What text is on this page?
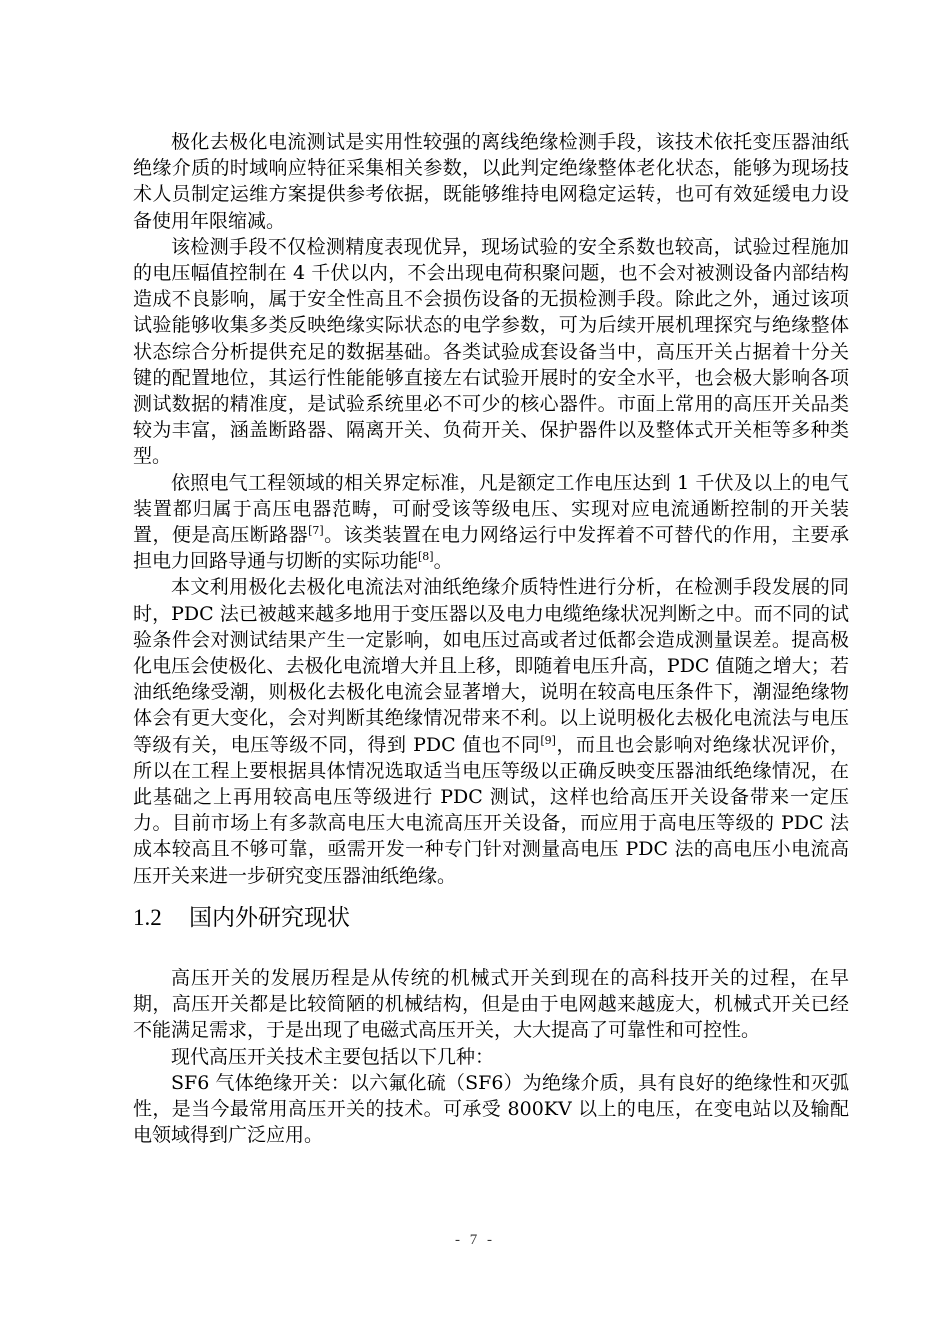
极化去极化电流测试是实用性较强的离线绝缘检测手段，该技术依托变压器油纸绝缘介质的时域响应特征采集相关参数，以此判定绝缘整体老化状态，能够为现场技术人员制定运维方案提供参考依据，既能够维持电网稳定运转，也可有效延缓电力设备使用年限缩减。

该检测手段不仅检测精度表现优异，现场试验的安全系数也较高，试验过程施加的电压幅值控制在 4 千伏以内，不会出现电荷积聚问题，也不会对被测设备内部结构造成不良影响，属于安全性高且不会损伤设备的无损检测手段。除此之外，通过该项试验能够收集多类反映绝缘实际状态的电学参数，可为后续开展机理探究与绝缘整体状态综合分析提供充足的数据基础。各类试验成套设备当中，高压开关占据着十分关键的配置地位，其运行性能能够直接左右试验开展时的安全水平，也会极大影响各项测试数据的精准度，是试验系统里必不可少的核心器件。市面上常用的高压开关品类较为丰富，涵盖断路器、隔离开关、负荷开关、保护器件以及整体式开关柜等多种类型。

依照电气工程领域的相关界定标准，凡是额定工作电压达到 1 千伏及以上的电气装置都归属于高压电器范畴，可耐受该等级电压、实现对应电流通断控制的开关装置，便是高压断路器[7]。该类装置在电力网络运行中发挥着不可替代的作用，主要承担电力回路导通与切断的实际功能[8]。

本文利用极化去极化电流法对油纸绝缘介质特性进行分析，在检测手段发展的同时，PDC 法已被越来越多地用于变压器以及电力电缆绝缘状况判断之中。而不同的试验条件会对测试结果产生一定影响，如电压过高或者过低都会造成测量误差。提高极化电压会使极化、去极化电流增大并且上移，即随着电压升高，PDC 值随之增大；若油纸绝缘受潮，则极化去极化电流会显著增大，说明在较高电压条件下，潮湿绝缘物体会有更大变化，会对判断其绝缘情况带来不利。以上说明极化去极化电流法与电压等级有关，电压等级不同，得到 PDC 值也不同[9]，而且也会影响对绝缘状况评价，所以在工程上要根据具体情况选取适当电压等级以正确反映变压器油纸绝缘情况，在此基础之上再用较高电压等级进行 PDC 测试，这样也给高压开关设备带来一定压力。目前市场上有多款高电压大电流高压开关设备，而应用于高电压等级的 PDC 法成本较高且不够可靠，亟需开发一种专门针对测量高电压 PDC 法的高电压小电流高压开关来进一步研究变压器油纸绝缘。

1.2 国内外研究现状

高压开关的发展历程是从传统的机械式开关到现在的高科技开关的过程，在早期，高压开关都是比较简陋的机械结构，但是由于电网越来越庞大，机械式开关已经不能满足需求，于是出现了电磁式高压开关，大大提高了可靠性和可控性。

现代高压开关技术主要包括以下几种：

SF6 气体绝缘开关：以六氟化硫（SF6）为绝缘介质，具有良好的绝缘性和灭弧性，是当今最常用高压开关的技术。可承受 800KV 以上的电压，在变电站以及输配电领域得到广泛应用。

- 7 -
